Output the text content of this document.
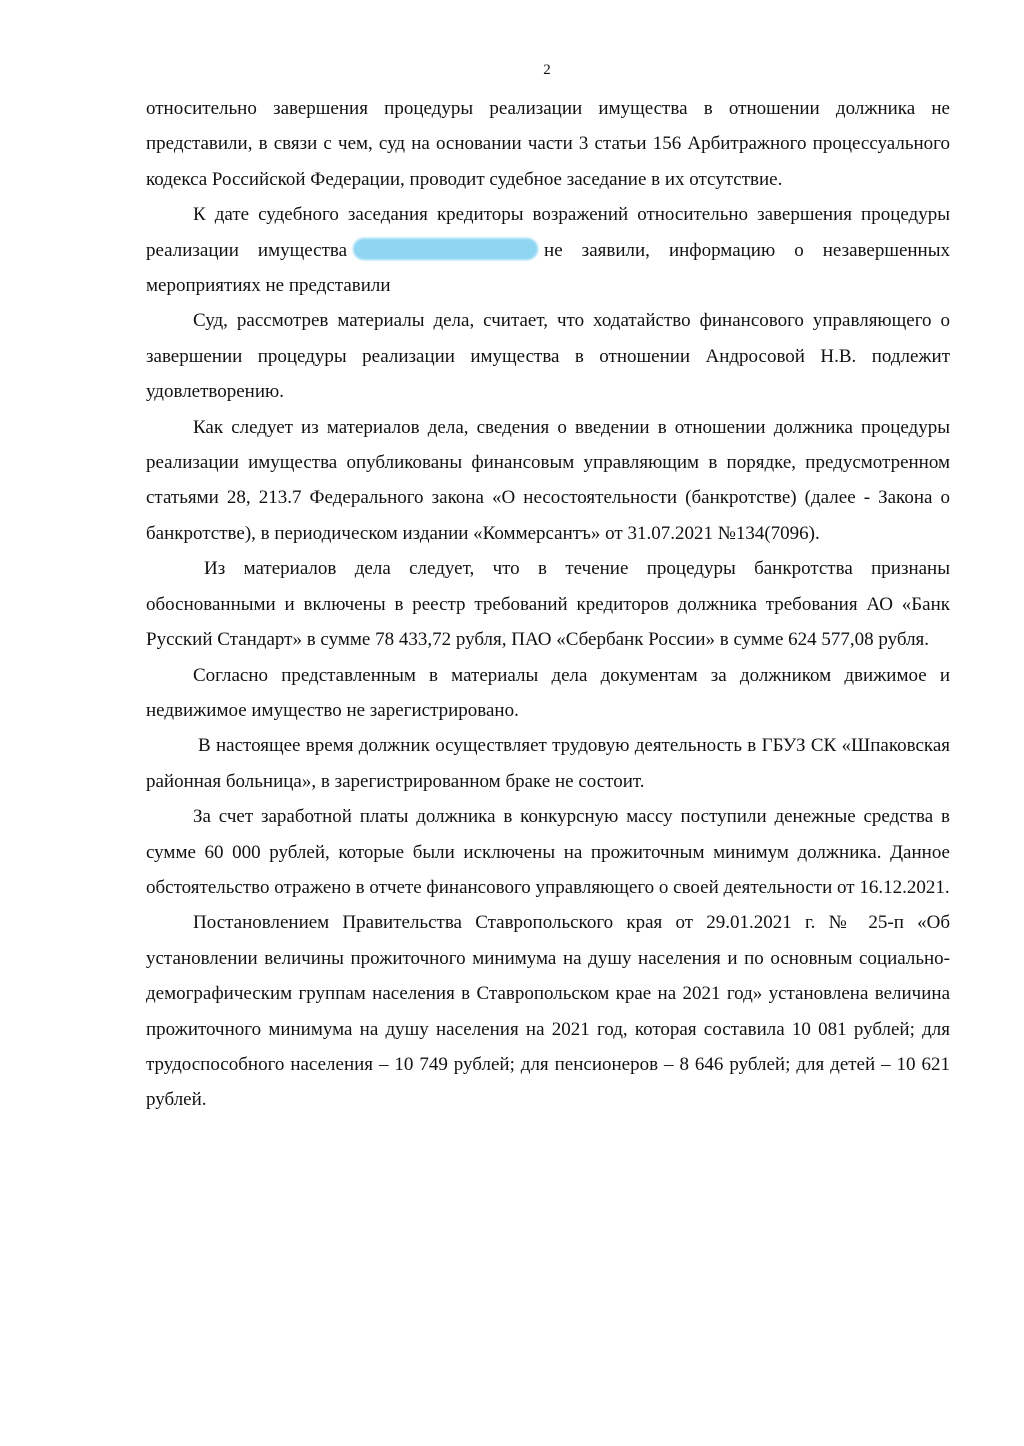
2

относительно завершения процедуры реализации имущества в отношении должника не представили, в связи с чем, суд на основании части 3 статьи 156 Арбитражного процессуального кодекса Российской Федерации, проводит судебное заседание в их отсутствие.

К дате судебного заседания кредиторы возражений относительно завершения процедуры реализации имущества	не заявили, информацию о незавершенных мероприятиях не представили

Суд, рассмотрев материалы дела, считает, что ходатайство финансового управляющего о завершении процедуры реализации имущества в отношении Андросовой Н.В. подлежит удовлетворению.

Как следует из материалов дела, сведения о введении в отношении должника процедуры реализации имущества опубликованы финансовым управляющим в порядке, предусмотренном статьями 28, 213.7 Федерального закона «О несостоятельности (банкротстве) (далее - Закона о банкротстве), в периодическом издании «Коммерсантъ» от 31.07.2021 №134(7096).

Из материалов дела следует, что в течение процедуры банкротства признаны обоснованными и включены в реестр требований кредиторов должника требования АО «Банк Русский Стандарт» в сумме 78 433,72 рубля, ПАО «Сбербанк России» в сумме 624 577,08 рубля.

Согласно представленным в материалы дела документам за должником движимое и недвижимое имущество не зарегистрировано.

В настоящее время должник осуществляет трудовую деятельность в ГБУЗ СК «Шпаковская районная больница», в зарегистрированном браке не состоит.

За счет заработной платы должника в конкурсную массу поступили денежные средства в сумме 60 000 рублей, которые были исключены на прожиточным минимум должника. Данное обстоятельство отражено в отчете финансового управляющего о своей деятельности от 16.12.2021.

Постановлением Правительства Ставропольского края от 29.01.2021 г. № 25-п «Об установлении величины прожиточного минимума на душу населения и по основным социально-демографическим группам населения в Ставропольском крае на 2021 год» установлена величина прожиточного минимума на душу населения на 2021 год, которая составила 10 081 рублей; для трудоспособного населения – 10 749 рублей; для пенсионеров – 8 646 рублей; для детей – 10 621 рублей.
